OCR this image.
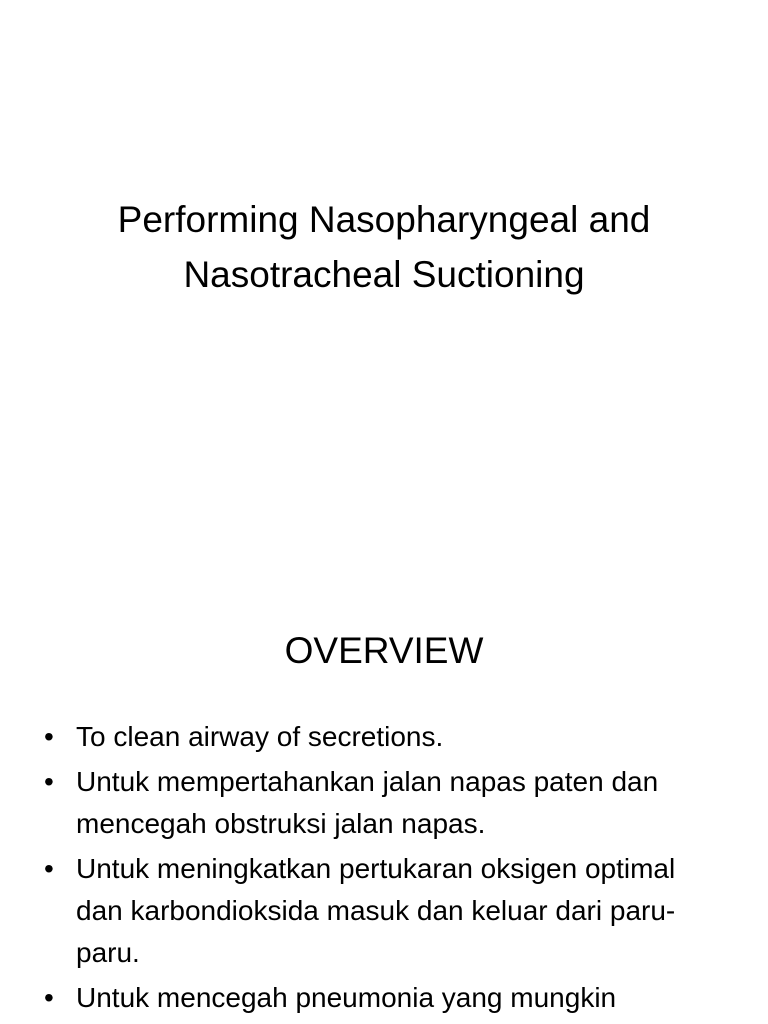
Performing Nasopharyngeal and
Nasotracheal Suctioning
OVERVIEW
• To clean airway of secretions.
• Untuk mempertahankan jalan napas paten dan mencegah obstruksi jalan napas.
• Untuk meningkatkan pertukaran oksigen optimal dan karbondioksida masuk dan keluar dari paru-paru.
• Untuk mencegah pneumonia yang mungkin
